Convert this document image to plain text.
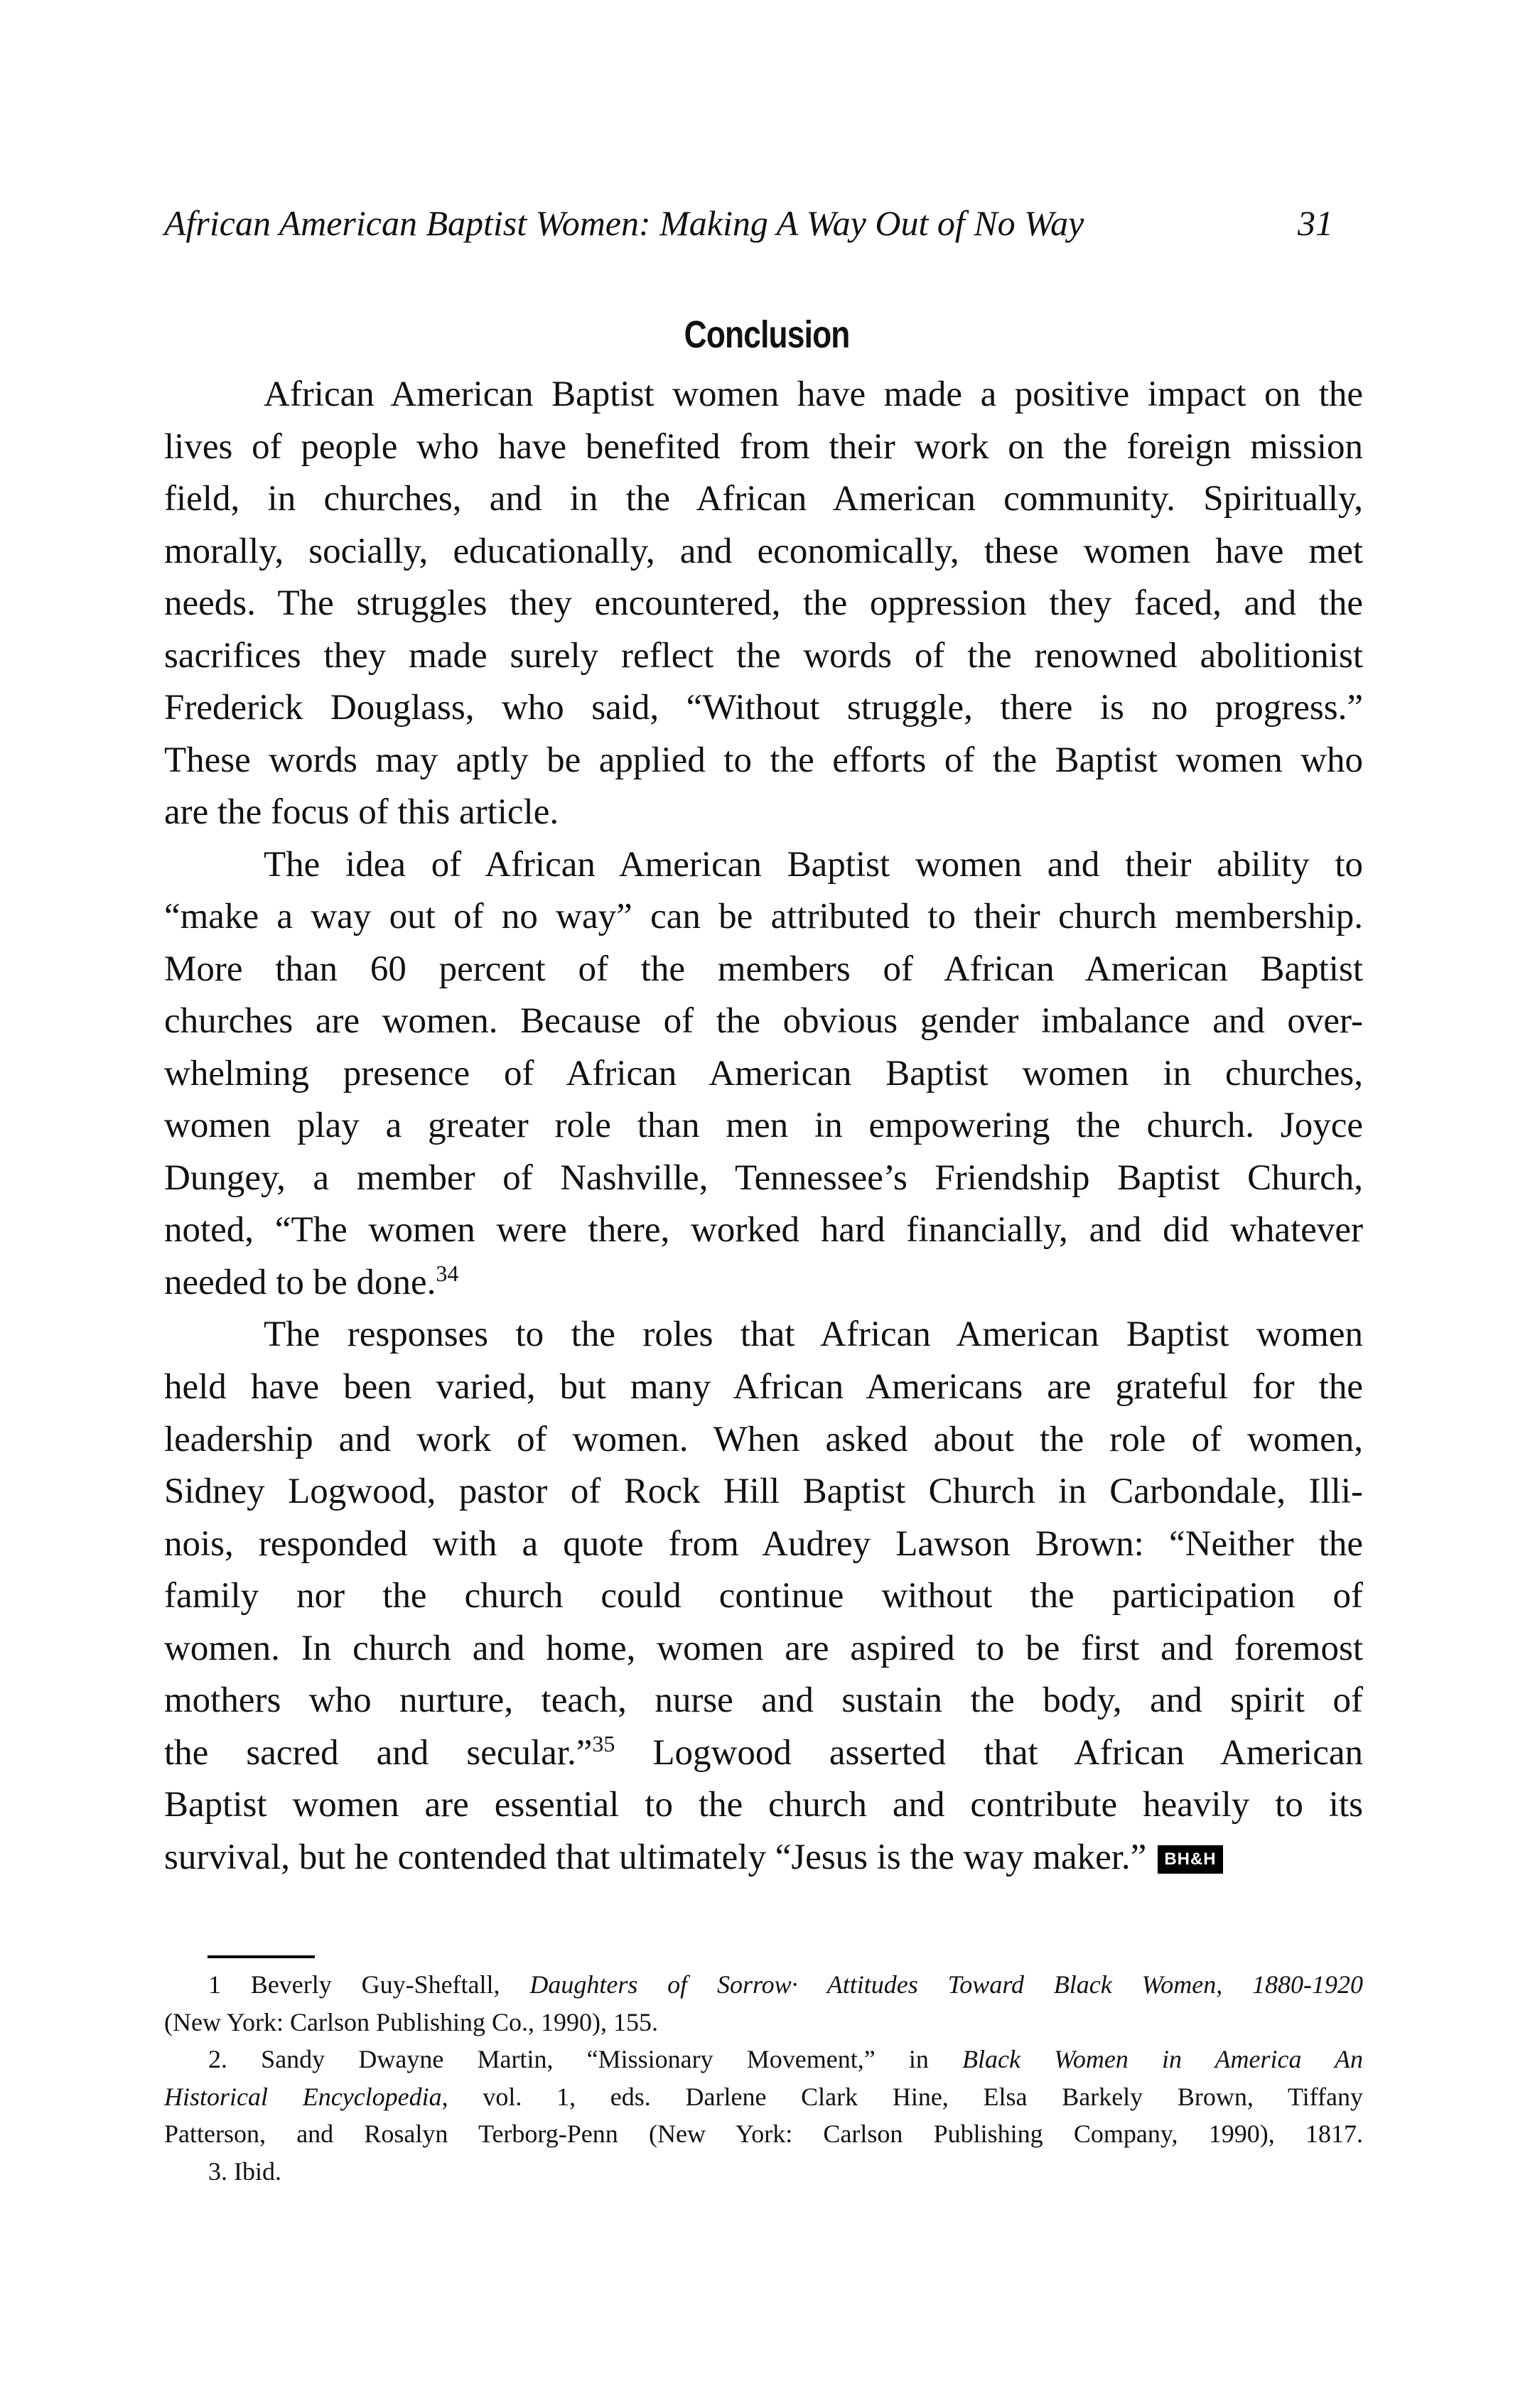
African American Baptist Women: Making A Way Out of No Way	31
Conclusion
African American Baptist women have made a positive impact on the
lives of people who have benefited from their work on the foreign mission
field, in churches, and in the African American community. Spiritually,
morally, socially, educationally, and economically, these women have met
needs. The struggles they encountered, the oppression they faced, and the
sacrifices they made surely reflect the words of the renowned abolitionist
Frederick Douglass, who said, “Without struggle, there is no progress.”
These words may aptly be applied to the efforts of the Baptist women who
are the focus of this article.
The idea of African American Baptist women and their ability to
“make a way out of no way” can be attributed to their church membership.
More than 60 percent of the members of African American Baptist
churches are women. Because of the obvious gender imbalance and over-
whelming presence of African American Baptist women in churches,
women play a greater role than men in empowering the church. Joyce
Dungey, a member of Nashville, Tennessee’s Friendship Baptist Church,
noted, “The women were there, worked hard financially, and did whatever
needed to be done.$^{34}$
The responses to the roles that African American Baptist women
held have been varied, but many African Americans are grateful for the
leadership and work of women. When asked about the role of women,
Sidney Logwood, pastor of Rock Hill Baptist Church in Carbondale, Illi-
nois, responded with a quote from Audrey Lawson Brown: “Neither the
family nor the church could continue without the participation of
women. In church and home, women are aspired to be first and foremost
mothers who nurture, teach, nurse and sustain the body, and spirit of
the sacred and secular.”$^{35}$ Logwood asserted that African American
Baptist women are essential to the church and contribute heavily to its
survival, but he contended that ultimately “Jesus is the way maker.” BH&H
1 Beverly Guy-Sheftall, Daughters of Sorrow· Attitudes Toward Black Women, 1880-1920
(New York: Carlson Publishing Co., 1990), 155.
2. Sandy Dwayne Martin, “Missionary Movement,” in Black Women in America An
Historical Encyclopedia, vol. 1, eds. Darlene Clark Hine, Elsa Barkely Brown, Tiffany
Patterson, and Rosalyn Terborg-Penn (New York: Carlson Publishing Company, 1990), 1817.
3. Ibid.
